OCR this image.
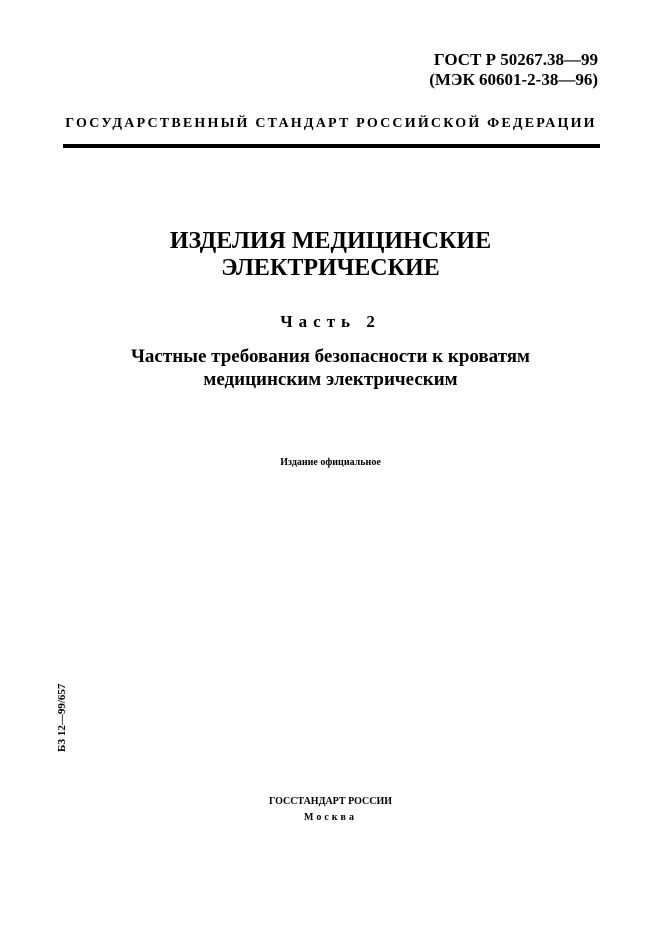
ГОСТ Р 50267.38—99
(МЭК 60601-2-38—96)
ГОСУДАРСТВЕННЫЙ СТАНДАРТ РОССИЙСКОЙ ФЕДЕРАЦИИ
ИЗДЕЛИЯ МЕДИЦИНСКИЕ
ЭЛЕКТРИЧЕСКИЕ
Часть 2
Частные требования безопасности к кроватям
медицинским электрическим
Издание официальное
БЗ 12—99/657
ГОССТАНДАРТ РОССИИ
Москва
